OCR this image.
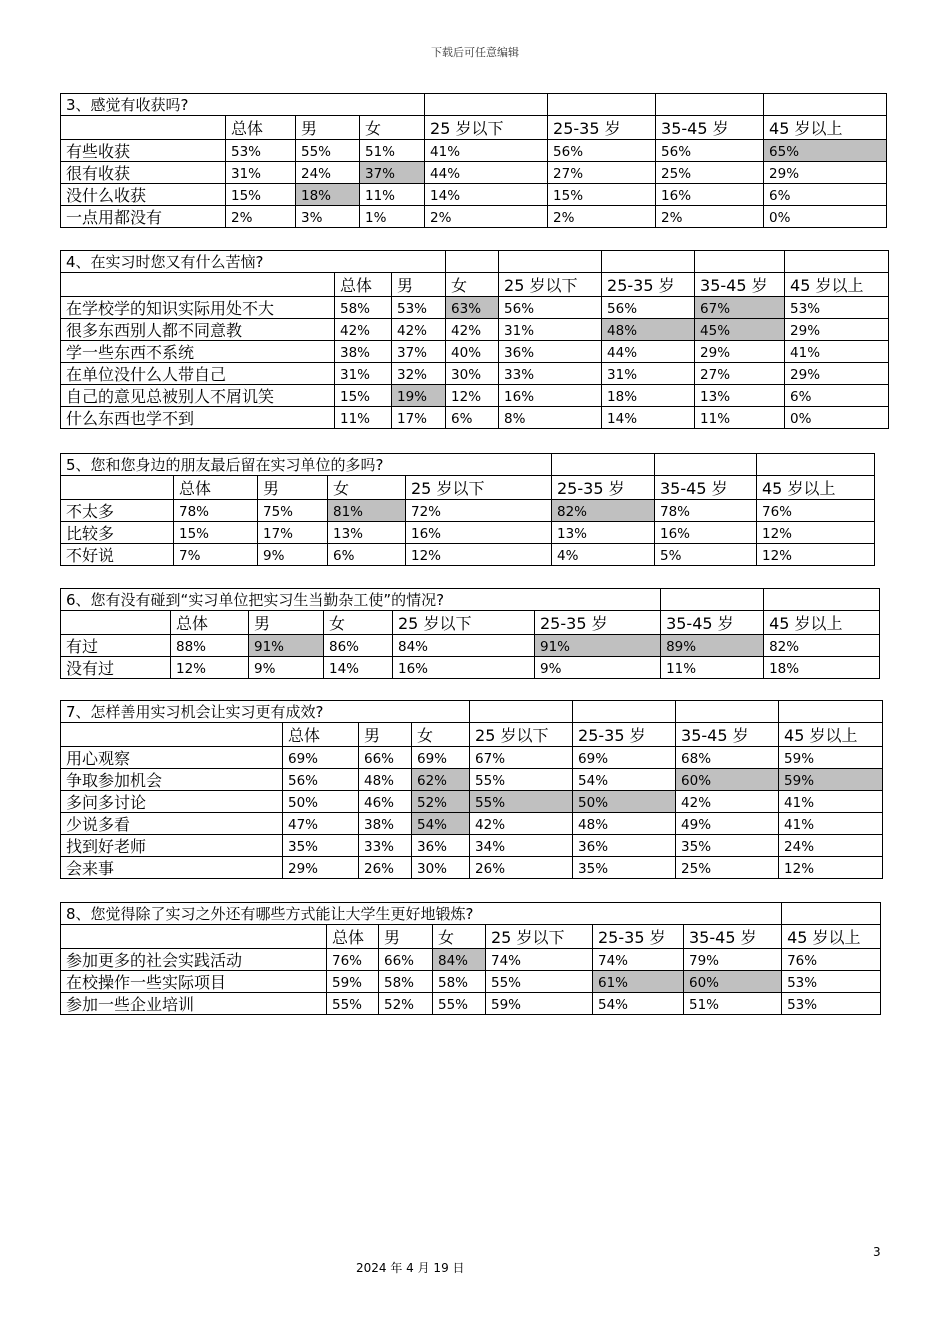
下载后可任意编辑
3、感觉有收获吗?							
	总体	男	女	25 岁以下	25-35 岁	35-45 岁	45 岁以上
有些收获	53%	55%	51%	41%	56%	56%	65%
很有收获	31%	24%	37%	44%	27%	25%	29%
没什么收获	15%	18%	11%	14%	15%	16%	6%
一点用都没有	2%	3%	1%	2%	2%	2%	0%
4、在实习时您又有什么苦恼?							
	总体	男	女	25 岁以下	25-35 岁	35-45 岁	45 岁以上
在学校学的知识实际用处不大	58%	53%	63%	56%	56%	67%	53%
很多东西别人都不同意教	42%	42%	42%	31%	48%	45%	29%
学一些东西不系统	38%	37%	40%	36%	44%	29%	41%
在单位没什么人带自己	31%	32%	30%	33%	31%	27%	29%
自己的意见总被别人不屑讥笑	15%	19%	12%	16%	18%	13%	6%
什么东西也学不到	11%	17%	6%	8%	14%	11%	0%
5、您和您身边的朋友最后留在实习单位的多吗?							
	总体	男	女	25 岁以下	25-35 岁	35-45 岁	45 岁以上
不太多	78%	75%	81%	72%	82%	78%	76%
比较多	15%	17%	13%	16%	13%	16%	12%
不好说	7%	9%	6%	12%	4%	5%	12%
6、您有没有碰到“实习单位把实习生当勤杂工使”的情况?							
	总体	男	女	25 岁以下	25-35 岁	35-45 岁	45 岁以上
有过	88%	91%	86%	84%	91%	89%	82%
没有过	12%	9%	14%	16%	9%	11%	18%
7、怎样善用实习机会让实习更有成效?							
	总体	男	女	25 岁以下	25-35 岁	35-45 岁	45 岁以上
用心观察	69%	66%	69%	67%	69%	68%	59%
争取参加机会	56%	48%	62%	55%	54%	60%	59%
多问多讨论	50%	46%	52%	55%	50%	42%	41%
少说多看	47%	38%	54%	42%	48%	49%	41%
找到好老师	35%	33%	36%	34%	36%	35%	24%
会来事	29%	26%	30%	26%	35%	25%	12%
8、您觉得除了实习之外还有哪些方式能让大学生更好地锻炼?							
	总体	男	女	25 岁以下	25-35 岁	35-45 岁	45 岁以上
参加更多的社会实践活动	76%	66%	84%	74%	74%	79%	76%
在校操作一些实际项目	59%	58%	58%	55%	61%	60%	53%
参加一些企业培训	55%	52%	55%	59%	54%	51%	53%
3
2024 年 4 月 19 日
